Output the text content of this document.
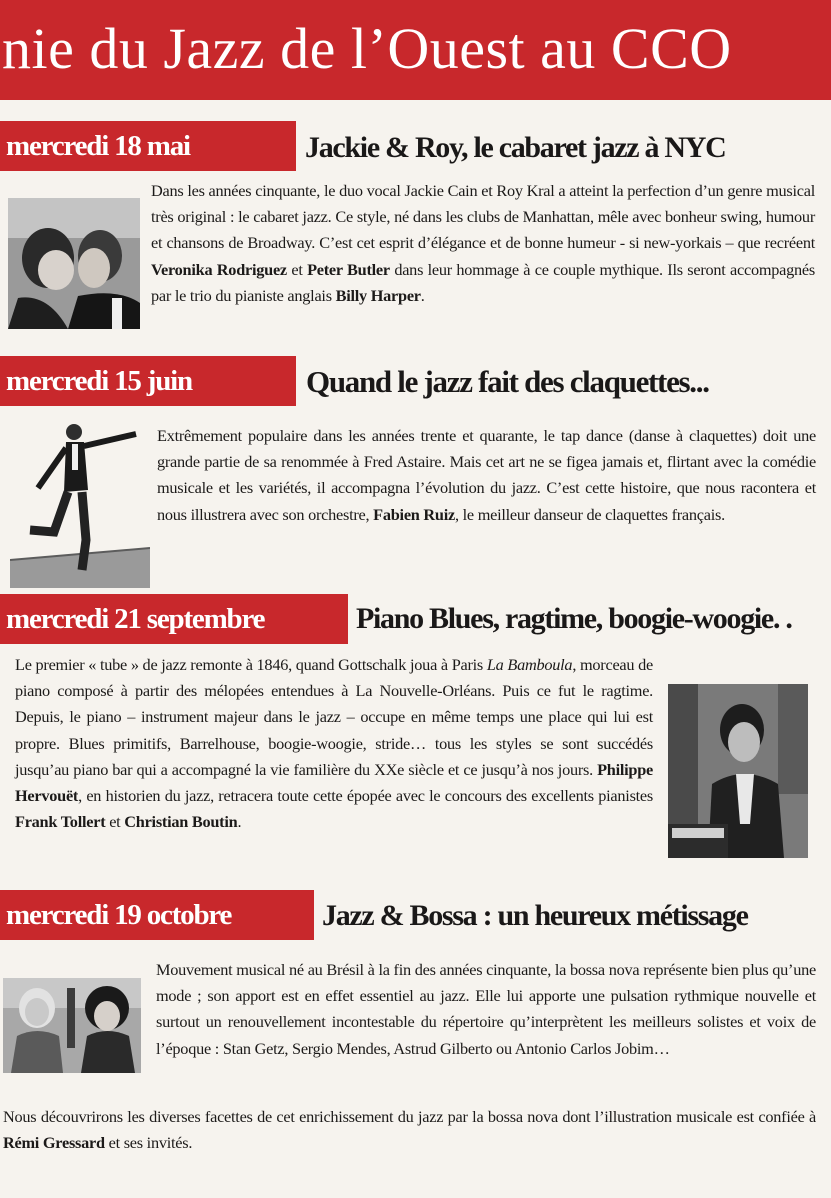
nie du Jazz de l’Ouest au CCO
mercredi 18 mai	Jackie & Roy, le cabaret jazz à NYC
Dans les années cinquante, le duo vocal Jackie Cain et Roy Kral a atteint la perfection d’un genre musical très original : le cabaret jazz. Ce style, né dans les clubs de Manhattan, mêle avec bonheur swing, humour et chansons de Broadway. C’est cet esprit d’élégance et de bonne humeur - si new-yorkais – que recréent Veronika Rodriguez et Peter Butler dans leur hommage à ce couple mythique. Ils seront accompagnés par le trio du pianiste anglais Billy Harper.
mercredi 15 juin	Quand le jazz fait des claquettes...
Extrêmement populaire dans les années trente et quarante, le tap dance (danse à claquettes) doit une grande partie de sa renommée à Fred Astaire. Mais cet art ne se figea jamais et, flirtant avec la comédie musicale et les variétés, il accompagna l’évolution du jazz. C’est cette histoire, que nous racontera et nous illustrera avec son orchestre, Fabien Ruiz, le meilleur danseur de claquettes français.
mercredi 21 septembre	Piano Blues, ragtime, boogie-woogie. .
Le premier « tube » de jazz remonte à 1846, quand Gottschalk joua à Paris La Bamboula, morceau de piano composé à partir des mélopées entendues à La Nouvelle-Orléans. Puis ce fut le ragtime. Depuis, le piano – instrument majeur dans le jazz – occupe en même temps une place qui lui est propre. Blues primitifs, Barrelhouse, boogie-woogie, stride… tous les styles se sont succédés jusqu’au piano bar qui a accompagné la vie familière du XXe siècle et ce jusqu’à nos jours. Philippe Hervouët, en historien du jazz, retracera toute cette épopée avec le concours des excellents pianistes Frank Tollert et Christian Boutin.
mercredi 19 octobre	Jazz & Bossa : un heureux métissage
Mouvement musical né au Brésil à la fin des années cinquante, la bossa nova représente bien plus qu’une mode ; son apport est en effet essentiel au jazz. Elle lui apporte une pulsation rythmique nouvelle et surtout un renouvellement incontestable du répertoire qu’interprètent les meilleurs solistes et voix de l’époque : Stan Getz, Sergio Mendes, Astrud Gilberto ou Antonio Carlos Jobim…
Nous découvrirons les diverses facettes de cet enrichissement du jazz par la bossa nova dont l’illustration musicale est confiée à Rémi Gressard et ses invités.
